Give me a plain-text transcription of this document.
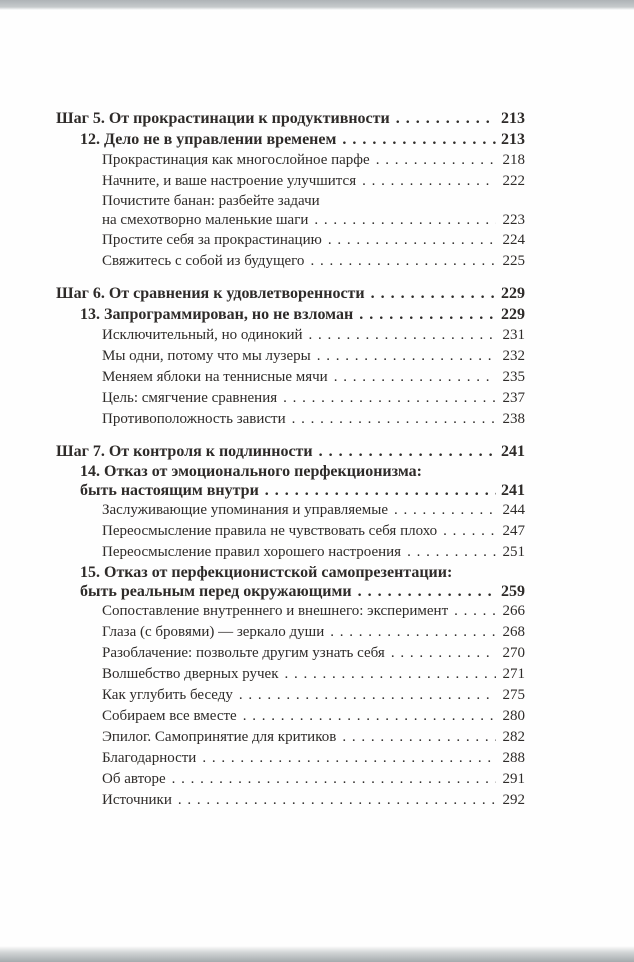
Шаг 5. От прокрастинации к продуктивности . . .	213
12. Дело не в управлении временем . . .	213
Прокрастинация как многослойное парфе . . .	218
Начните, и ваше настроение улучшится . . .	222
Почистите банан: разбейте задачи
на смехотворно маленькие шаги . . .	223
Простите себя за прокрастинацию . . .	224
Свяжитесь с собой из будущего . . .	225
Шаг 6. От сравнения к удовлетворенности . . .	229
13. Запрограммирован, но не взломан . . .	229
Исключительный, но одинокий . . .	231
Мы одни, потому что мы лузеры . . .	232
Меняем яблоки на теннисные мячи . . .	235
Цель: смягчение сравнения . . .	237
Противоположность зависти . . .	238
Шаг 7. От контроля к подлинности . . .	241
14. Отказ от эмоционального перфекционизма:
быть настоящим внутри . . .	241
Заслуживающие упоминания и управляемые . . .	244
Переосмысление правила не чувствовать себя плохо . . .	247
Переосмысление правил хорошего настроения . . .	251
15. Отказ от перфекционистской самопрезентации:
быть реальным перед окружающими . . .	259
Сопоставление внутреннего и внешнего: эксперимент . . .	266
Глаза (с бровями) — зеркало души . . .	268
Разоблачение: позвольте другим узнать себя . . .	270
Волшебство дверных ручек . . .	271
Как углубить беседу . . .	275
Собираем все вместе . . .	280
Эпилог. Самопринятие для критиков . . .	282
Благодарности . . .	288
Об авторе . . .	291
Источники . . .	292
